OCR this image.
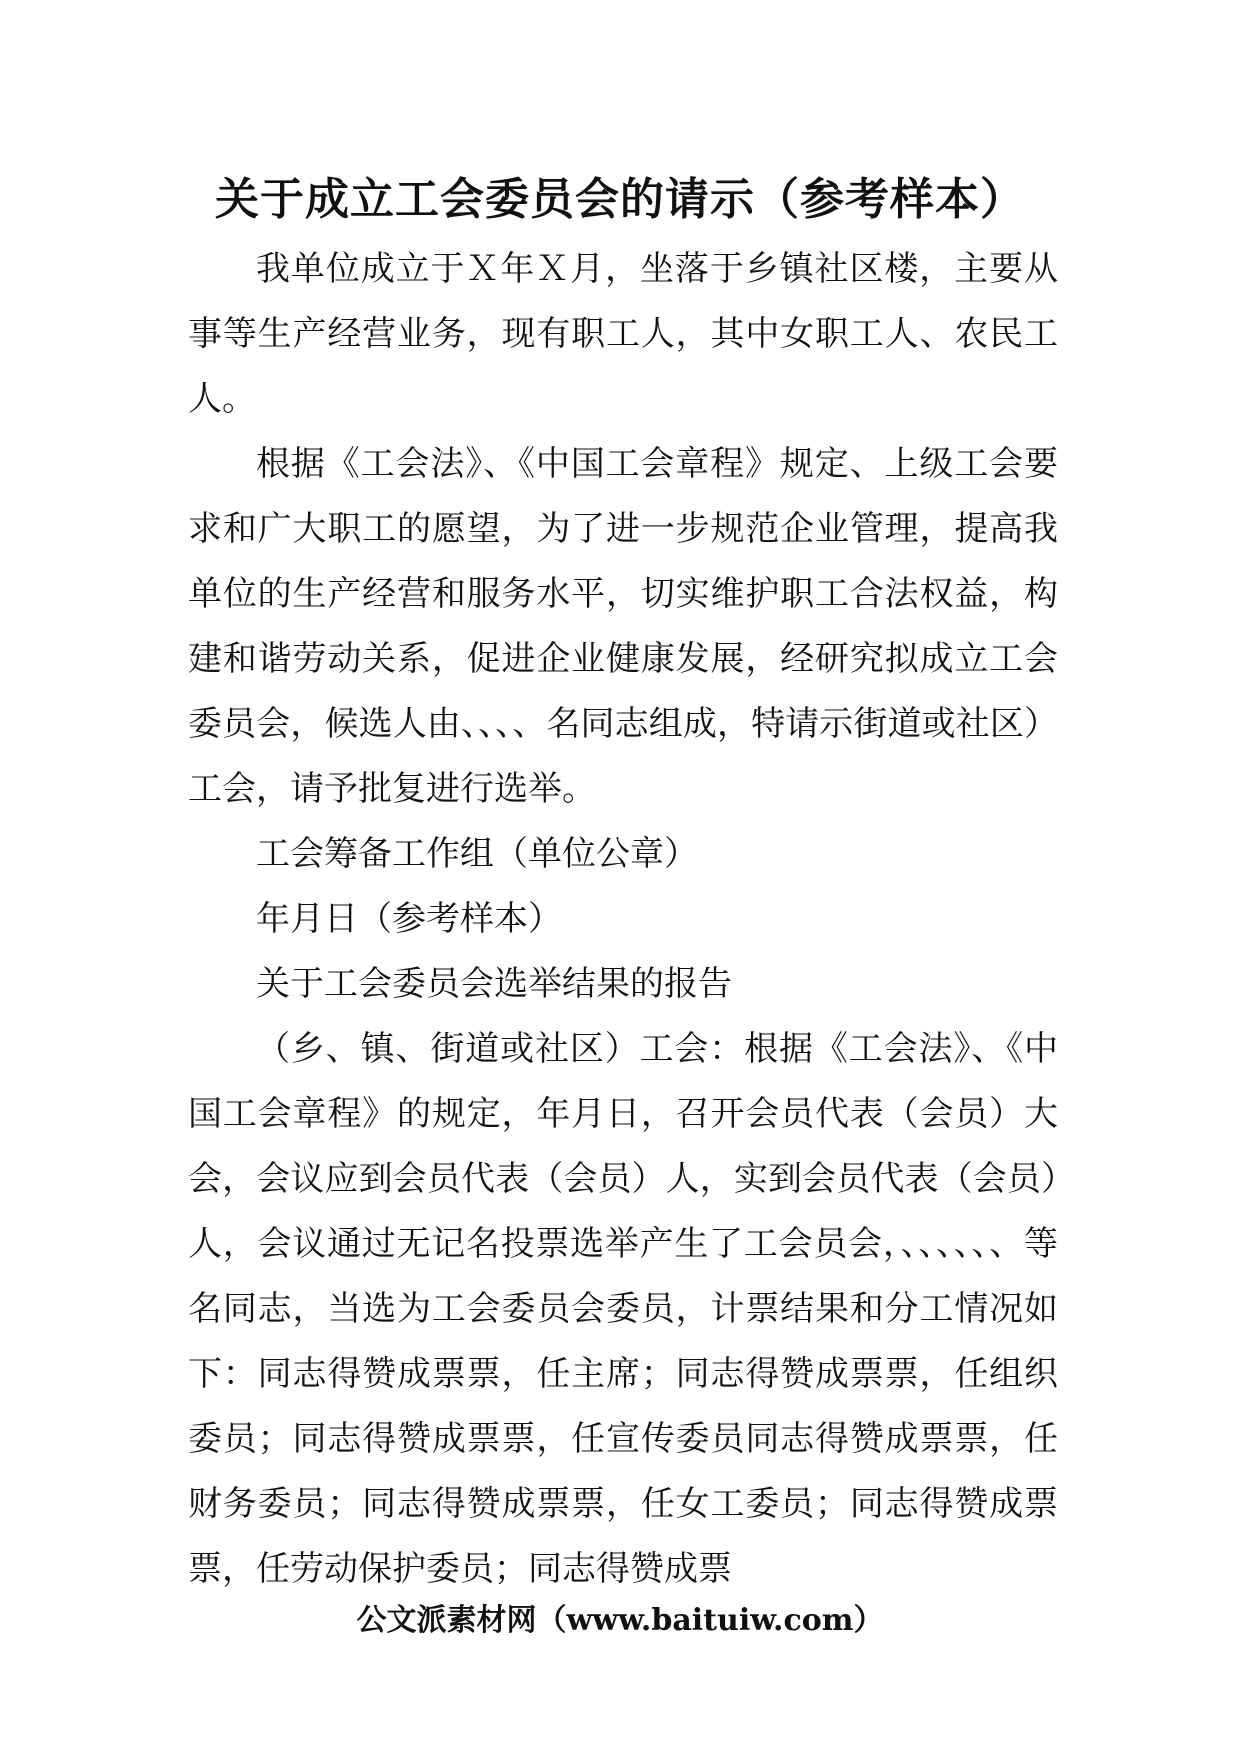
关于成立工会委员会的请示（参考样本）

我单位成立于Ｘ年Ｘ月，坐落于乡镇社区楼，主要从事等生产经营业务，现有职工人，其中女职工人、农民工人。

根据《工会法》、《中国工会章程》规定、上级工会要求和广大职工的愿望，为了进一步规范企业管理，提高我单位的生产经营和服务水平，切实维护职工合法权益，构建和谐劳动关系，促进企业健康发展，经研究拟成立工会委员会，候选人由、、、、名同志组成，特请示街道或社区）工会，请予批复进行选举。

工会筹备工作组（单位公章）

年月日（参考样本）

关于工会委员会选举结果的报告

（乡、镇、街道或社区）工会：根据《工会法》、《中国工会章程》的规定，年月日，召开会员代表（会员）大会，会议应到会员代表（会员）人，实到会员代表（会员）人，会议通过无记名投票选举产生了工会员会，、、、、、、等名同志，当选为工会委员会委员，计票结果和分工情况如下：同志得赞成票票，任主席；同志得赞成票票，任组织委员；同志得赞成票票，任宣传委员同志得赞成票票，任财务委员；同志得赞成票票，任女工委员；同志得赞成票票，任劳动保护委员；同志得赞成票

公文派素材网（www.baituiw.com）
